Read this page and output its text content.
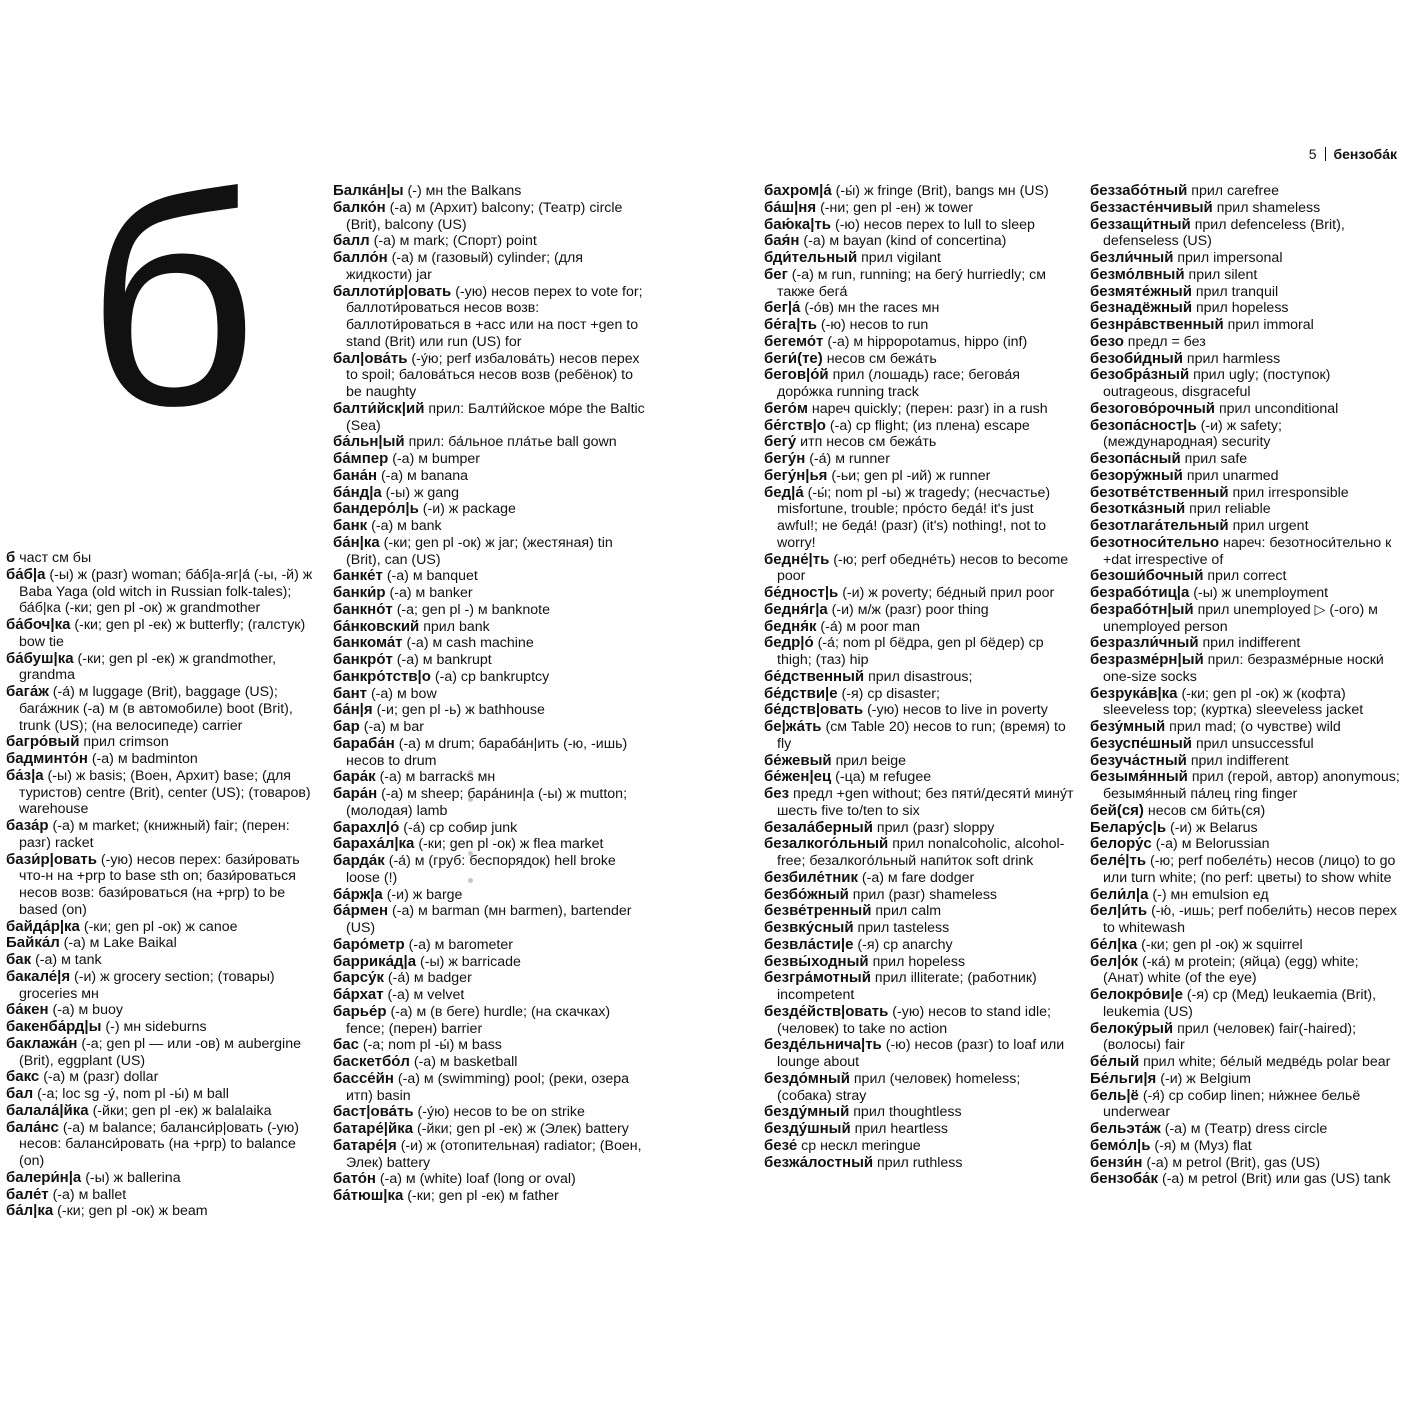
5 бензоба́к
б
б част см бы
ба́б|а (-ы) ж (разг) woman; ба́б|а-яг|а́ (-ы, -й) ж Baba Yaga (old witch in Russian folk-tales); ба́б|ка (-ки; gen pl -ок) ж grandmother
ба́боч|ка (-ки; gen pl -ек) ж butterfly; (галстук) bow tie
ба́буш|ка (-ки; gen pl -ек) ж grandmother, grandma
бага́ж (-а́) м luggage (Brit), baggage (US); бага́жник (-а) м (в автомобиле) boot (Brit), trunk (US); (на велосипеде) carrier
багро́вый прил crimson
бадминто́н (-а) м badminton
ба́з|а (-ы) ж basis; (Воен, Архит) base; (для туристов) centre (Brit), center (US); (товаров) warehouse
база́р (-а) м market; (книжный) fair; (перен: разг) racket
бази́р|овать (-ую) несов перех: бази́ровать что-н на +prp to base sth on; бази́роваться несов возв: бази́роваться (на +prp) to be based (on)
байда́р|ка (-ки; gen pl -ок) ж canoe
Байка́л (-а) м Lake Baikal
бак (-а) м tank
бакале́|я (-и) ж grocery section; (товары) groceries мн
ба́кен (-а) м buoy
бакенба́рд|ы (-) мн sideburns
баклажа́н (-а; gen pl — или -ов) м aubergine (Brit), eggplant (US)
бакс (-а) м (разг) dollar
бал (-а; loc sg -у́, nom pl -ы́) м ball
балала́|йка (-йки; gen pl -ек) ж balalaika
бала́нс (-а) м balance; баланси́р|овать (-ую) несов: баланси́ровать (на +prp) to balance (on)
балери́н|а (-ы) ж ballerina
бале́т (-а) м ballet
ба́л|ка (-ки; gen pl -ок) ж beam
Балка́н|ы (-) мн the Balkans
балко́н (-а) м (Архит) balcony; (Театр) circle (Brit), balcony (US)
балл (-а) м mark; (Спорт) point
балло́н (-а) м (газовый) cylinder; (для жидкости) jar
баллоти́р|овать (-ую) несов перех to vote for; баллоти́роваться несов возв: баллоти́роваться в +acc или на пост +gen to stand (Brit) или run (US) for
бал|ова́ть (-у́ю; perf избалова́ть) несов перех to spoil; балова́ться несов возв (ребёнок) to be naughty
балти́йск|ий прил: Балти́йское мо́ре the Baltic (Sea)
ба́льн|ый прил: ба́льное пла́тье ball gown
ба́мпер (-а) м bumper
бана́н (-а) м banana
ба́нд|а (-ы) ж gang
бандеро́л|ь (-и) ж package
банк (-а) м bank
ба́н|ка (-ки; gen pl -ок) ж jar; (жестяная) tin (Brit), can (US)
банке́т (-а) м banquet
банки́р (-а) м banker
банкно́т (-а; gen pl -) м banknote
ба́нковский прил bank
банкома́т (-а) м cash machine
банкро́т (-а) м bankrupt
банкро́тств|о (-а) ср bankruptcy
бант (-а) м bow
ба́н|я (-и; gen pl -ь) ж bathhouse
бар (-а) м bar
бараба́н (-а) м drum; бараба́н|ить (-ю, -ишь) несов to drum
бара́к (-а) м barracks мн
бара́н (-а) м sheep; бара́нин|а (-ы) ж mutton; (молодая) lamb
барахл|о́ (-а́) ср собир junk
бараха́л|ка (-ки; gen pl -ок) ж flea market
барда́к (-а́) м (груб: беспорядок) hell broke loose (!)
ба́рж|а (-и) ж barge
ба́рмен (-а) м barman (мн barmen), bartender (US)
баро́метр (-а) м barometer
баррика́д|а (-ы) ж barricade
барсу́к (-а́) м badger
ба́рхат (-а) м velvet
барье́р (-а) м (в беге) hurdle; (на скачках) fence; (перен) barrier
бас (-а; nom pl -ы́) м bass
баскетбо́л (-а) м basketball
бассе́йн (-а) м (swimming) pool; (реки, озера итп) basin
баст|ова́ть (-у́ю) несов to be on strike
батаре́|йка (-йки; gen pl -ек) ж (Элек) battery
батаре́|я (-и) ж (отопительная) radiator; (Воен, Элек) battery
бато́н (-а) м (white) loaf (long or oval)
ба́тюш|ка (-ки; gen pl -ек) м father
бахром|а́ (-ы́) ж fringe (Brit), bangs мн (US)
ба́ш|ня (-ни; gen pl -ен) ж tower
баю́ка|ть (-ю) несов перех to lull to sleep
бая́н (-а) м bayan (kind of concertina)
бди́тельный прил vigilant
бег (-а) м run, running; на бегу́ hurriedly; см также бега́
бег|а́ (-о́в) мн the races мн
бе́га|ть (-ю) несов to run
бегемо́т (-а) м hippopotamus, hippo (inf)
беги́(те) несов см бежа́ть
бегов|о́й прил (лошадь) race; бегова́я доро́жка running track
бего́м нареч quickly; (перен: разг) in a rush
бе́гств|о (-а) ср flight; (из плена) escape
бегу́ итп несов см бежа́ть
бегу́н (-а́) м runner
бегу́н|ья (-ьи; gen pl -ий) ж runner
бед|а́ (-ы́; nom pl -ы) ж tragedy; (несчастье) misfortune, trouble; про́сто беда́! it's just awful!; не беда́! (разг) (it's) nothing!, not to worry!
бедне́|ть (-ю; perf обедне́ть) несов to become poor
бе́дност|ь (-и) ж poverty; бе́дный прил poor
бедня́г|а (-и) м/ж (разг) poor thing
бедня́к (-а́) м poor man
бедр|о́ (-а́; nom pl бёдра, gen pl бёдер) ср thigh; (таз) hip
бе́дственный прил disastrous;
бе́дстви|е (-я) ср disaster;
бе́дств|овать (-ую) несов to live in poverty
бе|жа́ть (см Table 20) несов to run; (время) to fly
бе́жевый прил beige
бе́жен|ец (-ца) м refugee
без предл +gen without; без пяти́/десяти́ мину́т шесть five to/ten to six
безала́берный прил (разг) sloppy
безалкого́льный прил nonalcoholic, alcohol-free; безалкого́льный напи́ток soft drink
безбиле́тник (-а) м fare dodger
безбо́жный прил (разг) shameless
безве́тренный прил calm
безвку́сный прил tasteless
безвла́сти|е (-я) ср anarchy
безвы́ходный прил hopeless
безгра́мотный прил illiterate; (работник) incompetent
безде́йств|овать (-ую) несов to stand idle; (человек) to take no action
безде́льнича|ть (-ю) несов (разг) to loaf или lounge about
бездо́мный прил (человек) homeless; (собака) stray
безду́мный прил thoughtless
безду́шный прил heartless
безе́ ср нескл meringue
безжа́лостный прил ruthless
беззабо́тный прил carefree
беззасте́нчивый прил shameless
беззащи́тный прил defenceless (Brit), defenseless (US)
безли́чный прил impersonal
безмо́лвный прил silent
безмяте́жный прил tranquil
безнадёжный прил hopeless
безнра́вственный прил immoral
безо предл = без
безоби́дный прил harmless
безобра́зный прил ugly; (поступок) outrageous, disgraceful
безогово́рочный прил unconditional
безопа́сност|ь (-и) ж safety; (международная) security
безопа́сный прил safe
безору́жный прил unarmed
безотве́тственный прил irresponsible
безотка́зный прил reliable
безотлага́тельный прил urgent
безотноси́тельно нареч: безотноси́тельно к +dat irrespective of
безоши́бочный прил correct
безрабо́тиц|а (-ы) ж unemployment
безрабо́тн|ый прил unemployed ▷ (-ого) м unemployed person
безразли́чный прил indifferent
безразме́рн|ый прил: безразме́рные носки́ one-size socks
безрука́в|ка (-ки; gen pl -ок) ж (кофта) sleeveless top; (куртка) sleeveless jacket
безу́мный прил mad; (о чувстве) wild
безуспе́шный прил unsuccessful
безуча́стный прил indifferent
безымя́нный прил (герой, автор) anonymous; безымя́нный па́лец ring finger
бей(ся) несов см би́ть(ся)
Белару́с|ь (-и) ж Belarus
белору́с (-а) м Belorussian
беле́|ть (-ю; perf побеле́ть) несов (лицо) to go или turn white; (no perf: цветы) to show white
бели́л|а (-) мн emulsion ед
бел|и́ть (-ю́, -ишь; perf побели́ть) несов перех to whitewash
бе́л|ка (-ки; gen pl -ок) ж squirrel
бел|о́к (-ка́) м protein; (яйца) (egg) white; (Анат) white (of the eye)
белокро́ви|е (-я) ср (Мед) leukaemia (Brit), leukemia (US)
белоку́рый прил (человек) fair(-haired); (волосы) fair
бе́лый прил white; бе́лый медве́дь polar bear
Бе́льги|я (-и) ж Belgium
бель|ё (-я́) ср собир linen; ни́жнее бельё underwear
бельэта́ж (-а) м (Театр) dress circle
бемо́л|ь (-я) м (Муз) flat
бензи́н (-а) м petrol (Brit), gas (US)
бензоба́к (-а) м petrol (Brit) или gas (US) tank
